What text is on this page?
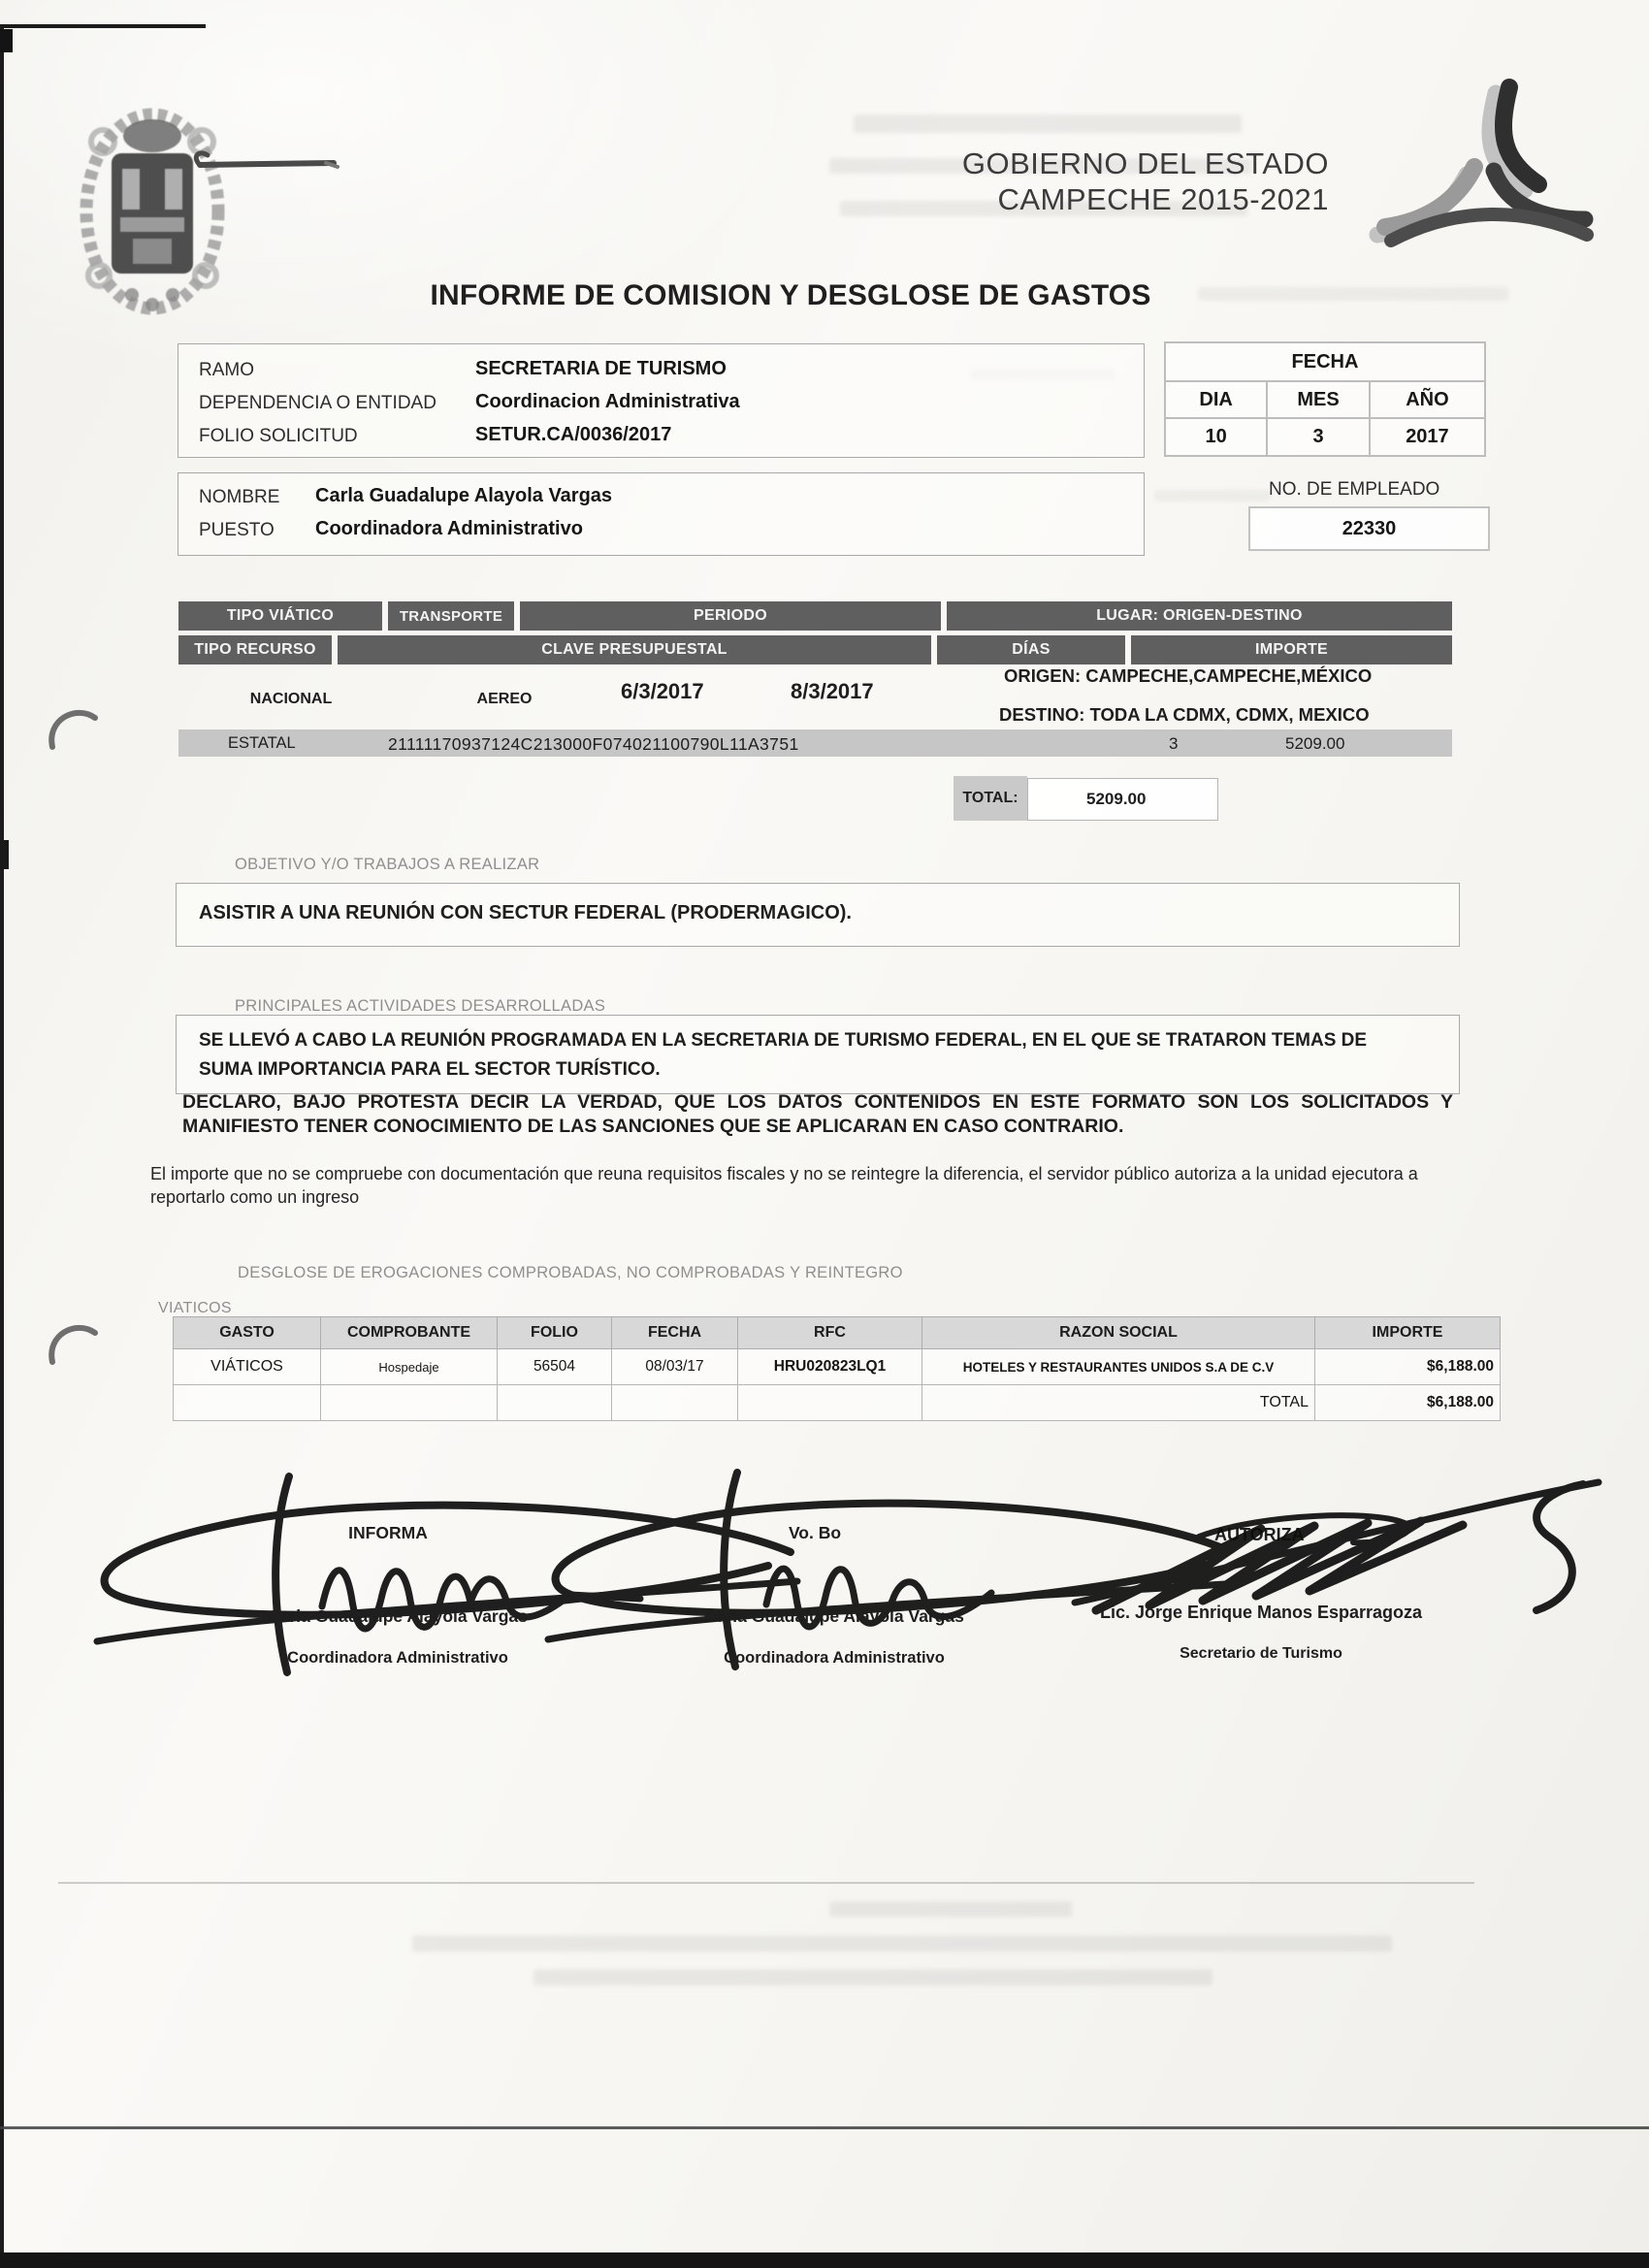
GOBIERNO DEL ESTADO
CAMPECHE 2015-2021
INFORME DE COMISION Y DESGLOSE DE GASTOS
RAMO	SECRETARIA DE TURISMO
DEPENDENCIA O ENTIDAD Coordinacion Administrativa
FOLIO SOLICITUD	SETUR.CA/0036/2017
FECHA		
DIA	MES	AÑO
10	3	2017
NOMBRE Carla Guadalupe Alayola Vargas
PUESTO Coordinadora Administrativo
NO. DE EMPLEADO
22330
TIPO VIÁTICO	TRANSPORTE	PERIODO	LUGAR: ORIGEN-DESTINO
TIPO RECURSO	CLAVE PRESUPUESTAL	DÍAS	IMPORTE
NACIONAL	AEREO	6/3/2017	8/3/2017
ORIGEN: CAMPECHE,CAMPECHE,MÉXICO
DESTINO: TODA LA CDMX, CDMX, MEXICO
ESTATAL	21111170937124C213000F074021100790L11A3751	3	5209.00
TOTAL:	5209.00
OBJETIVO Y/O TRABAJOS A REALIZAR
ASISTIR A UNA REUNIÓN CON SECTUR FEDERAL (PRODERMAGICO).
PRINCIPALES ACTIVIDADES DESARROLLADAS
SE LLEVÓ A CABO LA REUNIÓN PROGRAMADA EN LA SECRETARIA DE TURISMO FEDERAL, EN EL QUE SE TRATARON TEMAS DE SUMA IMPORTANCIA PARA EL SECTOR TURÍSTICO.
DECLARO, BAJO PROTESTA DECIR LA VERDAD, QUE LOS DATOS CONTENIDOS EN ESTE FORMATO SON LOS SOLICITADOS Y MANIFIESTO TENER CONOCIMIENTO DE LAS SANCIONES QUE SE APLICARAN EN CASO CONTRARIO.
El importe que no se compruebe con documentación que reuna requisitos fiscales y no se reintegre la diferencia, el servidor público autoriza a la unidad ejecutora a reportarlo como un ingreso
DESGLOSE DE EROGACIONES COMPROBADAS, NO COMPROBADAS Y REINTEGRO
VIATICOS
GASTO	COMPROBANTE	FOLIO	FECHA	RFC	RAZON SOCIAL	IMPORTE
VIÁTICOS	Hospedaje	56504	08/03/17	HRU020823LQ1	HOTELES Y RESTAURANTES UNIDOS S.A DE C.V	$6,188.00
					TOTAL	$6,188.00
INFORMA	Vo. Bo	AUTORIZA
Carla Guadalupe Alayola Vargas
Coordinadora Administrativo
Carla Guadalupe Alayola Vargas
Coordinadora Administrativo
Lic. Jorge Enrique Manos Esparragoza
Secretario de Turismo
